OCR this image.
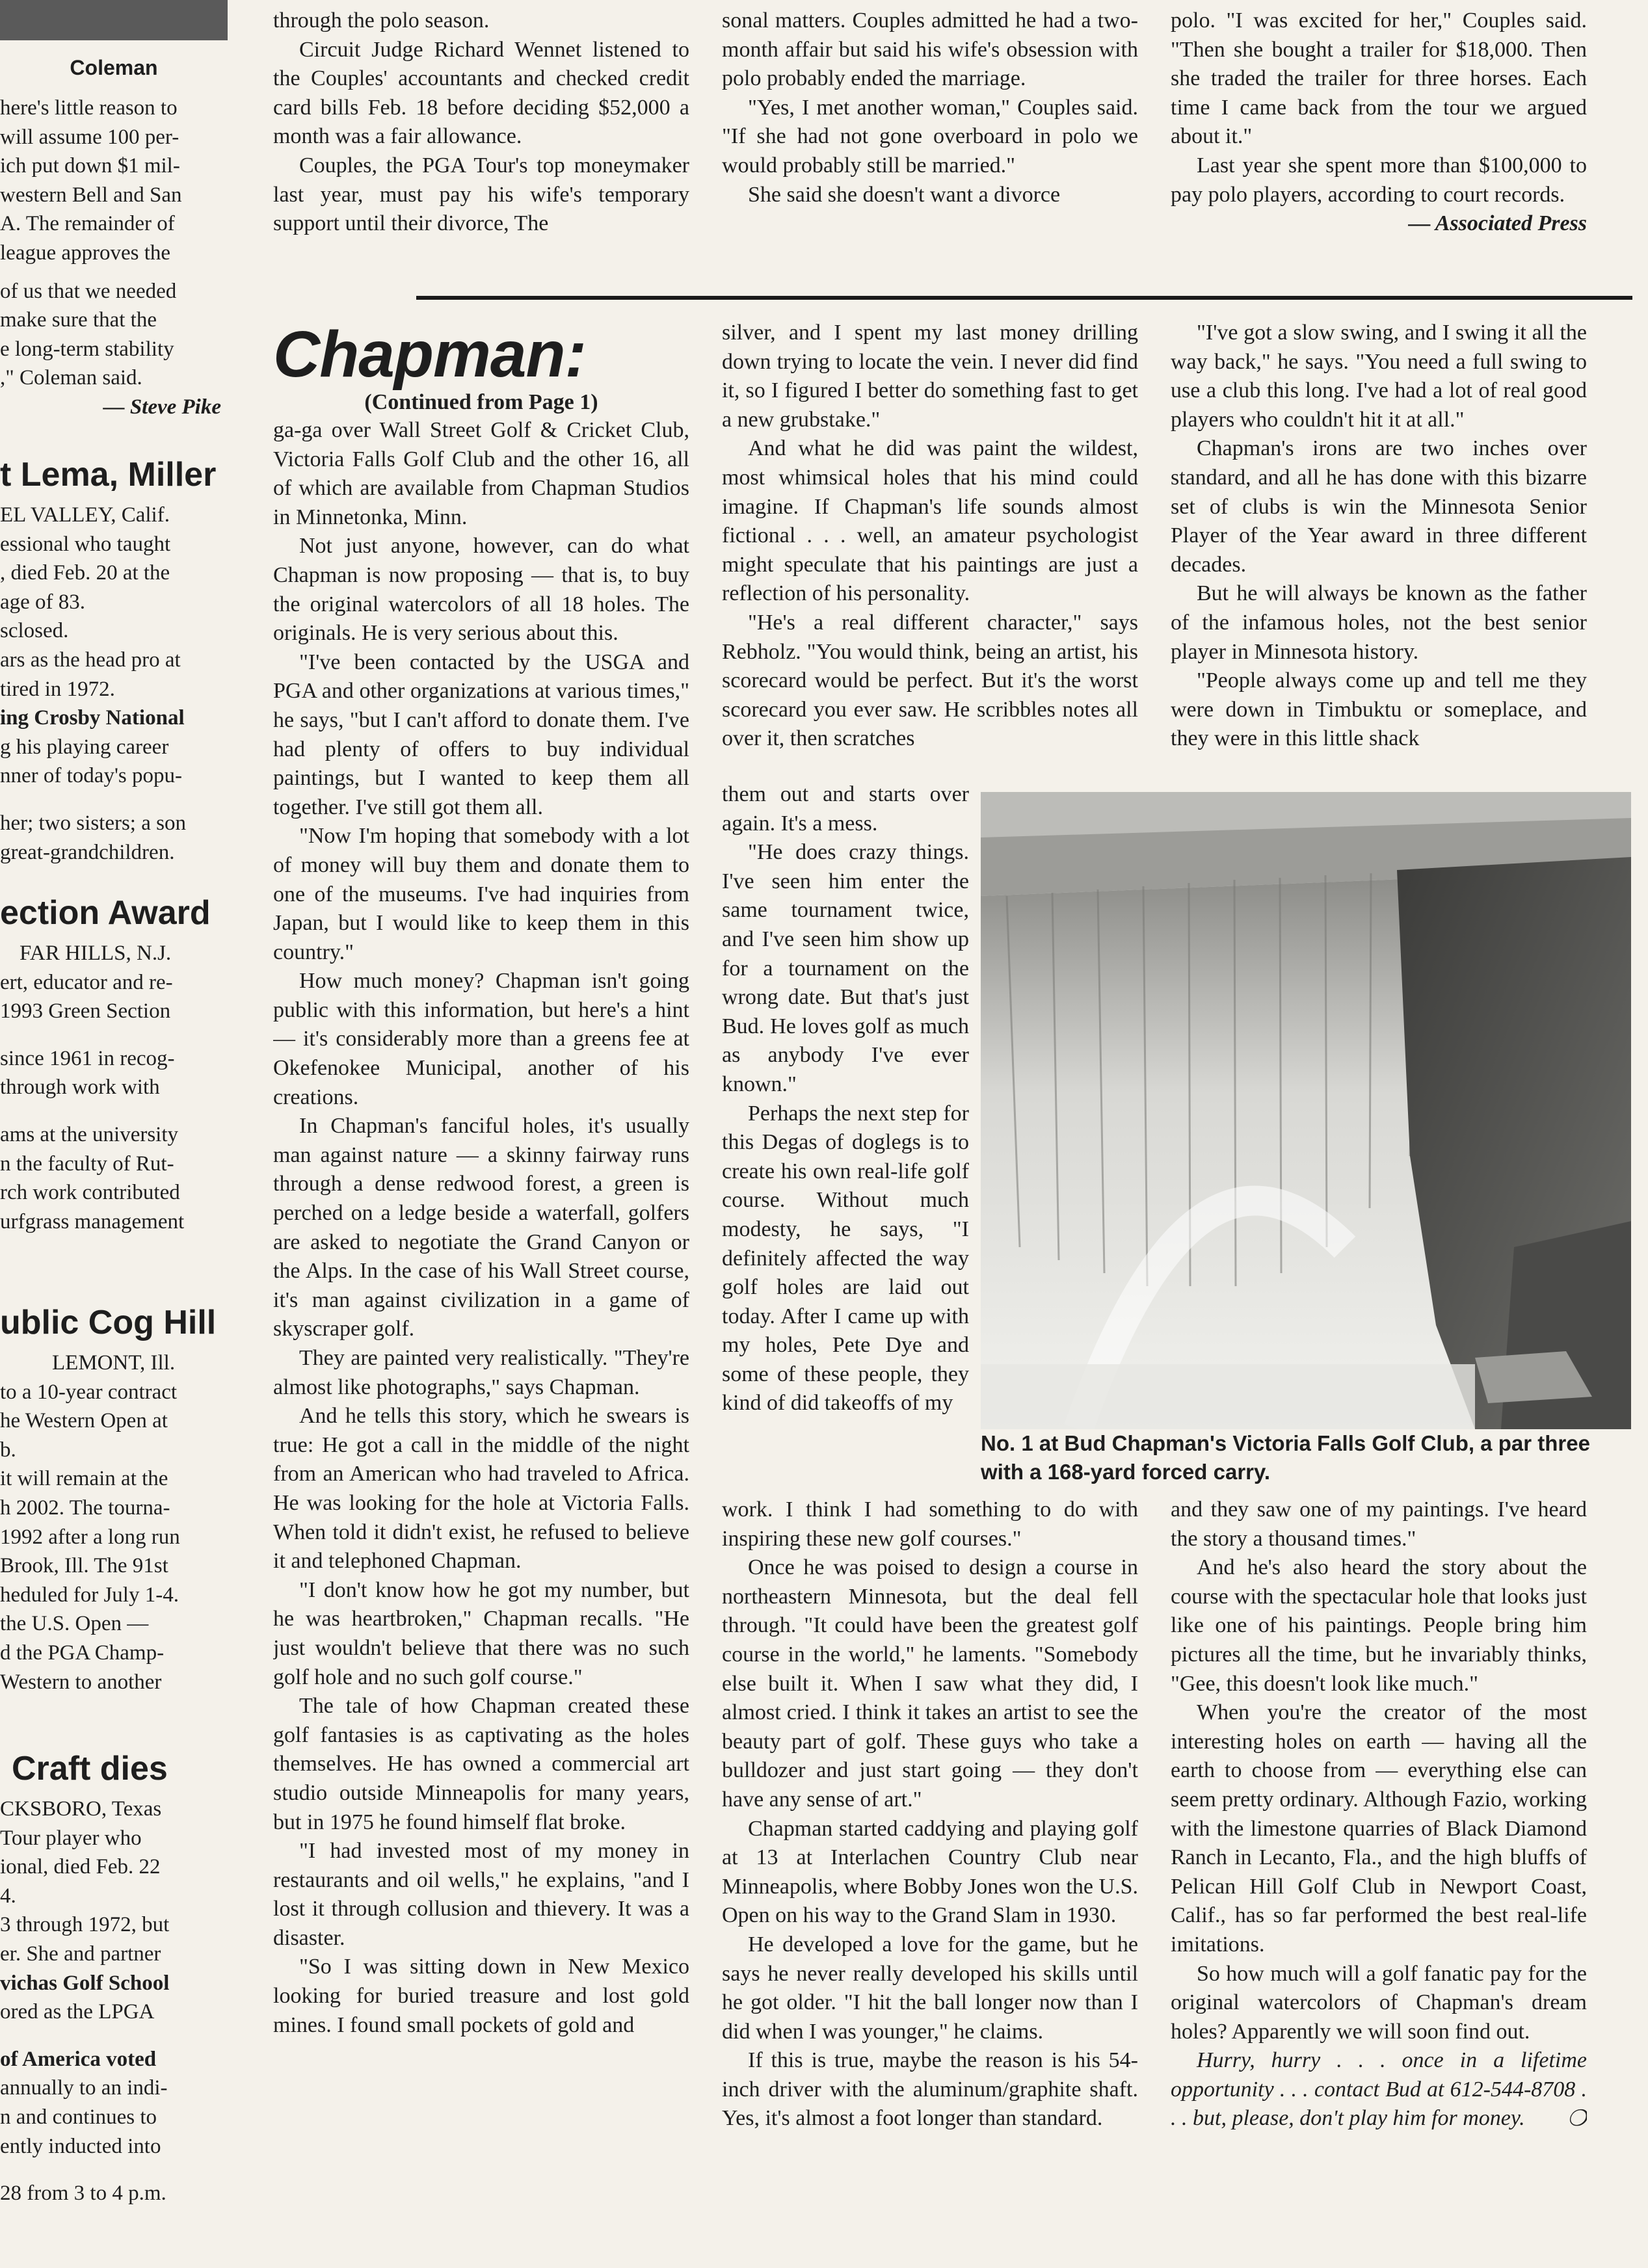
Coleman
here's little reason to
will assume 100 per-
ich put down $1 mil-
western Bell and San
A. The remainder of
league approves the
of us that we needed
make sure that the
e long-term stability
," Coleman said.
— Steve Pike
t Lema, Miller
EL VALLEY, Calif.
essional who taught
, died Feb. 20 at the
age of 83.
sclosed.
ars as the head pro at
tired in 1972.
ing Crosby National
g his playing career
nner of today's popu-
her; two sisters; a son
great-grandchildren.
ection Award
FAR HILLS, N.J.
ert, educator and re-
1993 Green Section
since 1961 in recog-
through work with
ams at the university
n the faculty of Rut-
rch work contributed
urfgrass management
ublic Cog Hill
LEMONT, Ill.
to a 10-year contract
he Western Open at
b.
it will remain at the
h 2002. The tourna-
1992 after a long run
Brook, Ill. The 91st
heduled for July 1-4.
the U.S. Open —
d the PGA Champ-
Western to another
Craft dies
CKSBORO, Texas
Tour player who
ional, died Feb. 22
4.
3 through 1972, but
er. She and partner
vichas Golf School
ored as the LPGA
of America voted
annually to an indi-
n and continues to
ently inducted into
28 from 3 to 4 p.m.

through the polo season.

Circuit Judge Richard Wennet listened to the Couples' accountants and checked credit card bills Feb. 18 before deciding $52,000 a month was a fair allowance.

Couples, the PGA Tour's top moneymaker last year, must pay his wife's temporary support until their divorce, The

sonal matters. Couples admitted he had a two-month affair but said his wife's obsession with polo probably ended the marriage.

"Yes, I met another woman," Couples said. "If she had not gone overboard in polo we would probably still be married."

She said she doesn't want a divorce

polo. "I was excited for her," Couples said. "Then she bought a trailer for $18,000. Then she traded the trailer for three horses. Each time I came back from the tour we argued about it."

Last year she spent more than $100,000 to pay polo players, according to court records.

— Associated Press

Chapman:
(Continued from Page 1)

ga-ga over Wall Street Golf & Cricket Club, Victoria Falls Golf Club and the other 16, all of which are available from Chapman Studios in Minnetonka, Minn.

Not just anyone, however, can do what Chapman is now proposing — that is, to buy the original watercolors of all 18 holes. The originals. He is very serious about this.

"I've been contacted by the USGA and PGA and other organizations at various times," he says, "but I can't afford to donate them. I've had plenty of offers to buy individual paintings, but I wanted to keep them all together. I've still got them all.

"Now I'm hoping that somebody with a lot of money will buy them and donate them to one of the museums. I've had inquiries from Japan, but I would like to keep them in this country."

How much money? Chapman isn't going public with this information, but here's a hint — it's considerably more than a greens fee at Okefenokee Municipal, another of his creations.

In Chapman's fanciful holes, it's usually man against nature — a skinny fairway runs through a dense redwood forest, a green is perched on a ledge beside a waterfall, golfers are asked to negotiate the Grand Canyon or the Alps. In the case of his Wall Street course, it's man against civilization in a game of skyscraper golf.

They are painted very realistically. "They're almost like photographs," says Chapman.

And he tells this story, which he swears is true: He got a call in the middle of the night from an American who had traveled to Africa. He was looking for the hole at Victoria Falls. When told it didn't exist, he refused to believe it and telephoned Chapman.

"I don't know how he got my number, but he was heartbroken," Chapman recalls. "He just wouldn't believe that there was no such golf hole and no such golf course."

The tale of how Chapman created these golf fantasies is as captivating as the holes themselves. He has owned a commercial art studio outside Minneapolis for many years, but in 1975 he found himself flat broke.

"I had invested most of my money in restaurants and oil wells," he explains, "and I lost it through collusion and thievery. It was a disaster.

"So I was sitting down in New Mexico looking for buried treasure and lost gold mines. I found small pockets of gold and

silver, and I spent my last money drilling down trying to locate the vein. I never did find it, so I figured I better do something fast to get a new grubstake."

And what he did was paint the wildest, most whimsical holes that his mind could imagine. If Chapman's life sounds almost fictional . . . well, an amateur psychologist might speculate that his paintings are just a reflection of his personality.

"He's a real different character," says Rebholz. "You would think, being an artist, his scorecard would be perfect. But it's the worst scorecard you ever saw. He scribbles notes all over it, then scratches

them out and starts over again. It's a mess.

"He does crazy things. I've seen him enter the same tournament twice, and I've seen him show up for a tournament on the wrong date. But that's just Bud. He loves golf as much as anybody I've ever known."

Perhaps the next step for this Degas of doglegs is to create his own real-life golf course. Without much modesty, he says, "I definitely affected the way golf holes are laid out today. After I came up with my holes, Pete Dye and some of these people, they kind of did takeoffs of my

work. I think I had something to do with inspiring these new golf courses."

Once he was poised to design a course in northeastern Minnesota, but the deal fell through. "It could have been the greatest golf course in the world," he laments. "Somebody else built it. When I saw what they did, I almost cried. I think it takes an artist to see the beauty part of golf. These guys who take a bulldozer and just start going — they don't have any sense of art."

Chapman started caddying and playing golf at 13 at Interlachen Country Club near Minneapolis, where Bobby Jones won the U.S. Open on his way to the Grand Slam in 1930.

He developed a love for the game, but he says he never really developed his skills until he got older. "I hit the ball longer now than I did when I was younger," he claims.

If this is true, maybe the reason is his 54-inch driver with the aluminum/graphite shaft. Yes, it's almost a foot longer than standard.

"I've got a slow swing, and I swing it all the way back," he says. "You need a full swing to use a club this long. I've had a lot of real good players who couldn't hit it at all."

Chapman's irons are two inches over standard, and all he has done with this bizarre set of clubs is win the Minnesota Senior Player of the Year award in three different decades.

But he will always be known as the father of the infamous holes, not the best senior player in Minnesota history.

"People always come up and tell me they were down in Timbuktu or someplace, and they were in this little shack

No. 1 at Bud Chapman's Victoria Falls Golf Club, a par three with a 168-yard forced carry.

and they saw one of my paintings. I've heard the story a thousand times."

And he's also heard the story about the course with the spectacular hole that looks just like one of his paintings. People bring him pictures all the time, but he invariably thinks, "Gee, this doesn't look like much."

When you're the creator of the most interesting holes on earth — having all the earth to choose from — everything else can seem pretty ordinary. Although Fazio, working with the limestone quarries of Black Diamond Ranch in Lecanto, Fla., and the high bluffs of Pelican Hill Golf Club in Newport Coast, Calif., has so far performed the best real-life imitations.

So how much will a golf fanatic pay for the original watercolors of Chapman's dream holes? Apparently we will soon find out.

Hurry, hurry . . . once in a lifetime opportunity . . . contact Bud at 612-544-8708 . . . but, please, don't play him for money.	❍
